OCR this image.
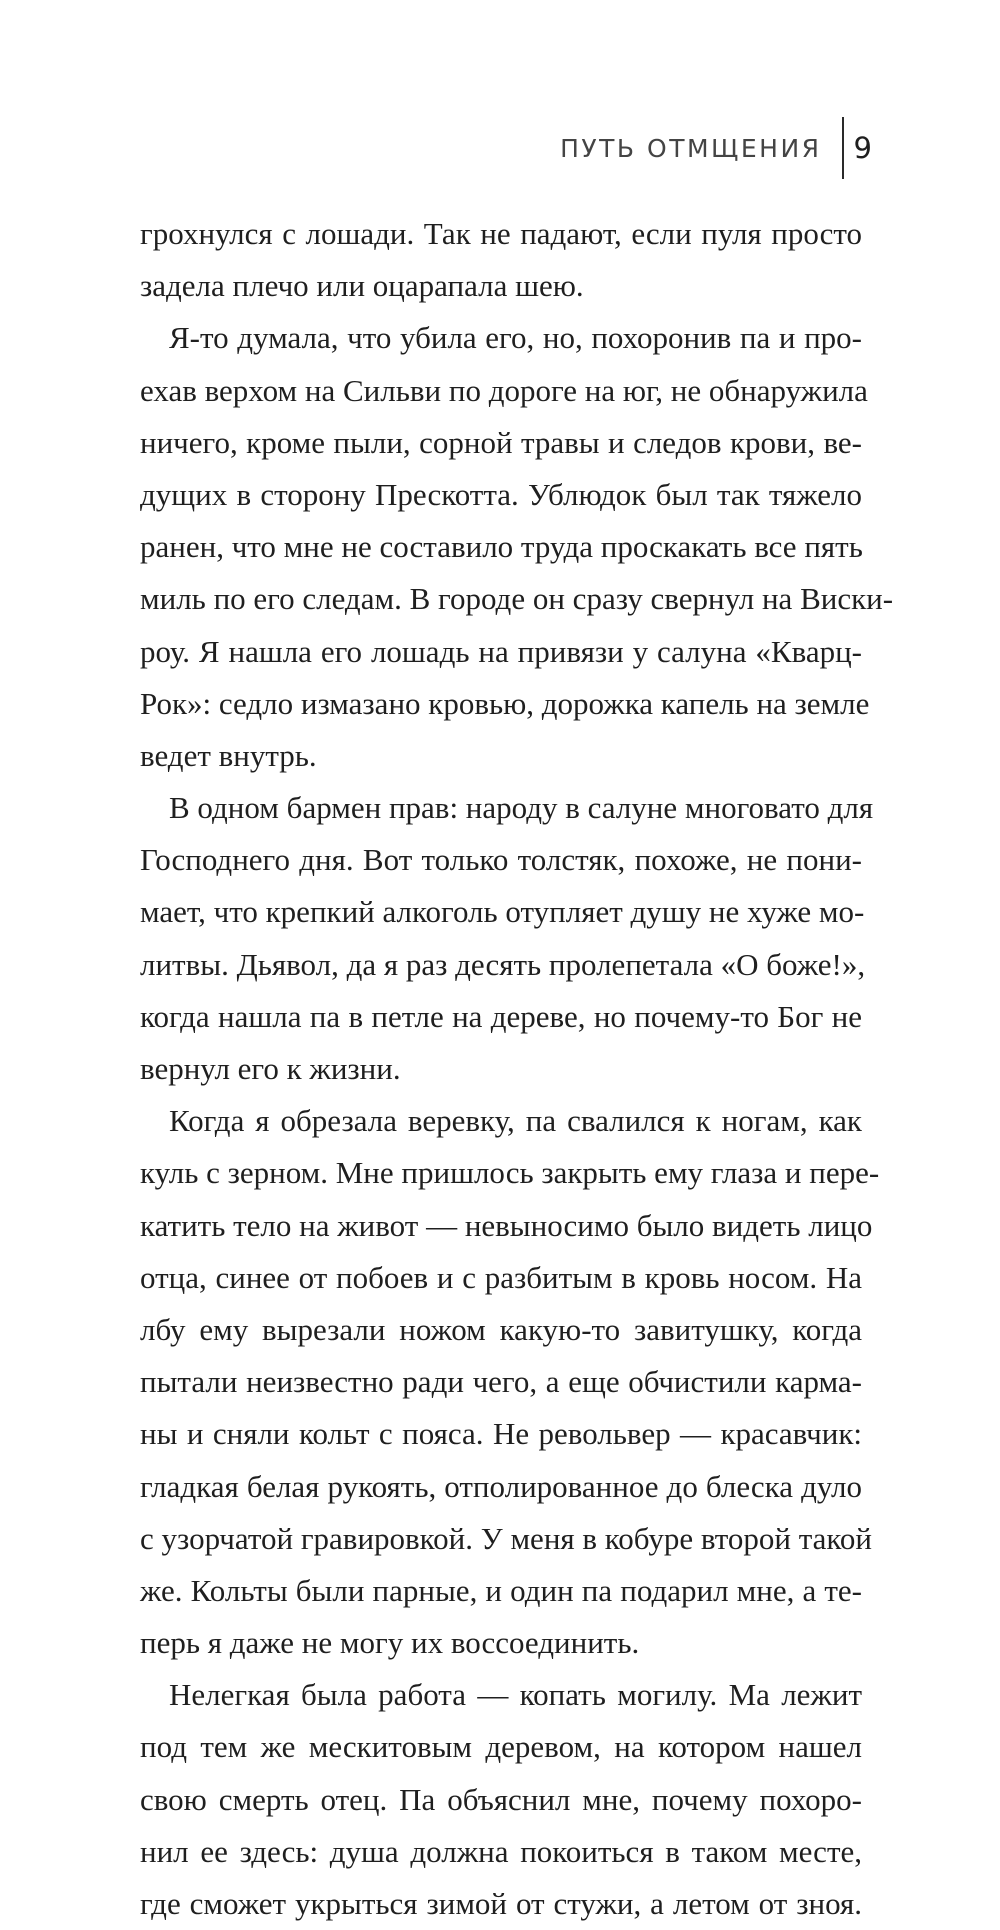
ПУТЬ ОТМЩЕНИЯ 9
грохнулся с лошади. Так не падают, если пуля просто
задела плечо или оцарапала шею.
Я-то думала, что убила его, но, похоронив па и про-
ехав верхом на Сильви по дороге на юг, не обнаружила
ничего, кроме пыли, сорной травы и следов крови, ве-
дущих в сторону Прескотта. Ублюдок был так тяжело
ранен, что мне не составило труда проскакать все пять
миль по его следам. В городе он сразу свернул на Виски-
роу. Я нашла его лошадь на привязи у салуна «Кварц-
Рок»: седло измазано кровью, дорожка капель на земле
ведет внутрь.
В одном бармен прав: народу в салуне многовато для
Господнего дня. Вот только толстяк, похоже, не пони-
мает, что крепкий алкоголь отупляет душу не хуже мо-
литвы. Дьявол, да я раз десять пролепетала «О боже!»,
когда нашла па в петле на дереве, но почему-то Бог не
вернул его к жизни.
Когда я обрезала веревку, па свалился к ногам, как
куль с зерном. Мне пришлось закрыть ему глаза и пере-
катить тело на живот — невыносимо было видеть лицо
отца, синее от побоев и с разбитым в кровь носом. На
лбу ему вырезали ножом какую-то завитушку, когда
пытали неизвестно ради чего, а еще обчистили карма-
ны и сняли кольт с пояса. Не револьвер — красавчик:
гладкая белая рукоять, отполированное до блеска дуло
с узорчатой гравировкой. У меня в кобуре второй такой
же. Кольты были парные, и один па подарил мне, а те-
перь я даже не могу их воссоединить.
Нелегкая была работа — копать могилу. Ма лежит
под тем же мескитовым деревом, на котором нашел
свою смерть отец. Па объяснил мне, почему похоро-
нил ее здесь: душа должна покоиться в таком месте,
где сможет укрыться зимой от стужи, а летом от зноя.
